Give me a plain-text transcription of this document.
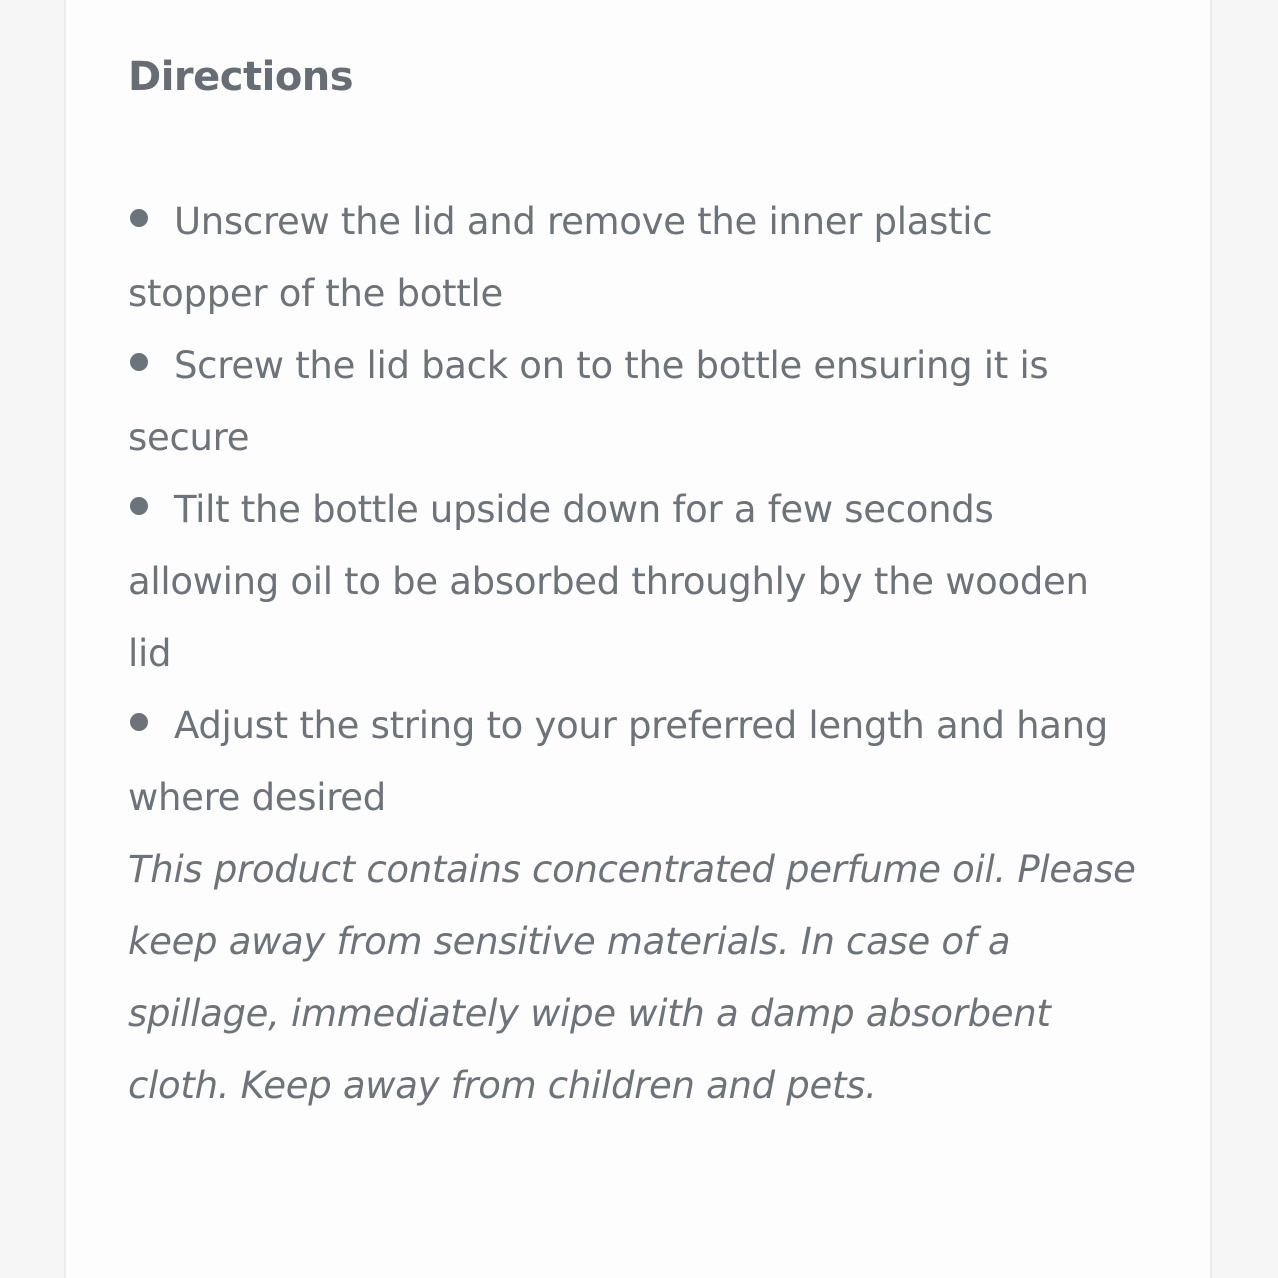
Directions

Unscrew the lid and remove the inner plastic stopper of the bottle

Screw the lid back on to the bottle ensuring it is secure

Tilt the bottle upside down for a few seconds allowing oil to be absorbed throughly by the wooden lid

Adjust the string to your preferred length and hang where desired

This product contains concentrated perfume oil. Please keep away from sensitive materials. In case of a spillage, immediately wipe with a damp absorbent cloth. Keep away from children and pets.
